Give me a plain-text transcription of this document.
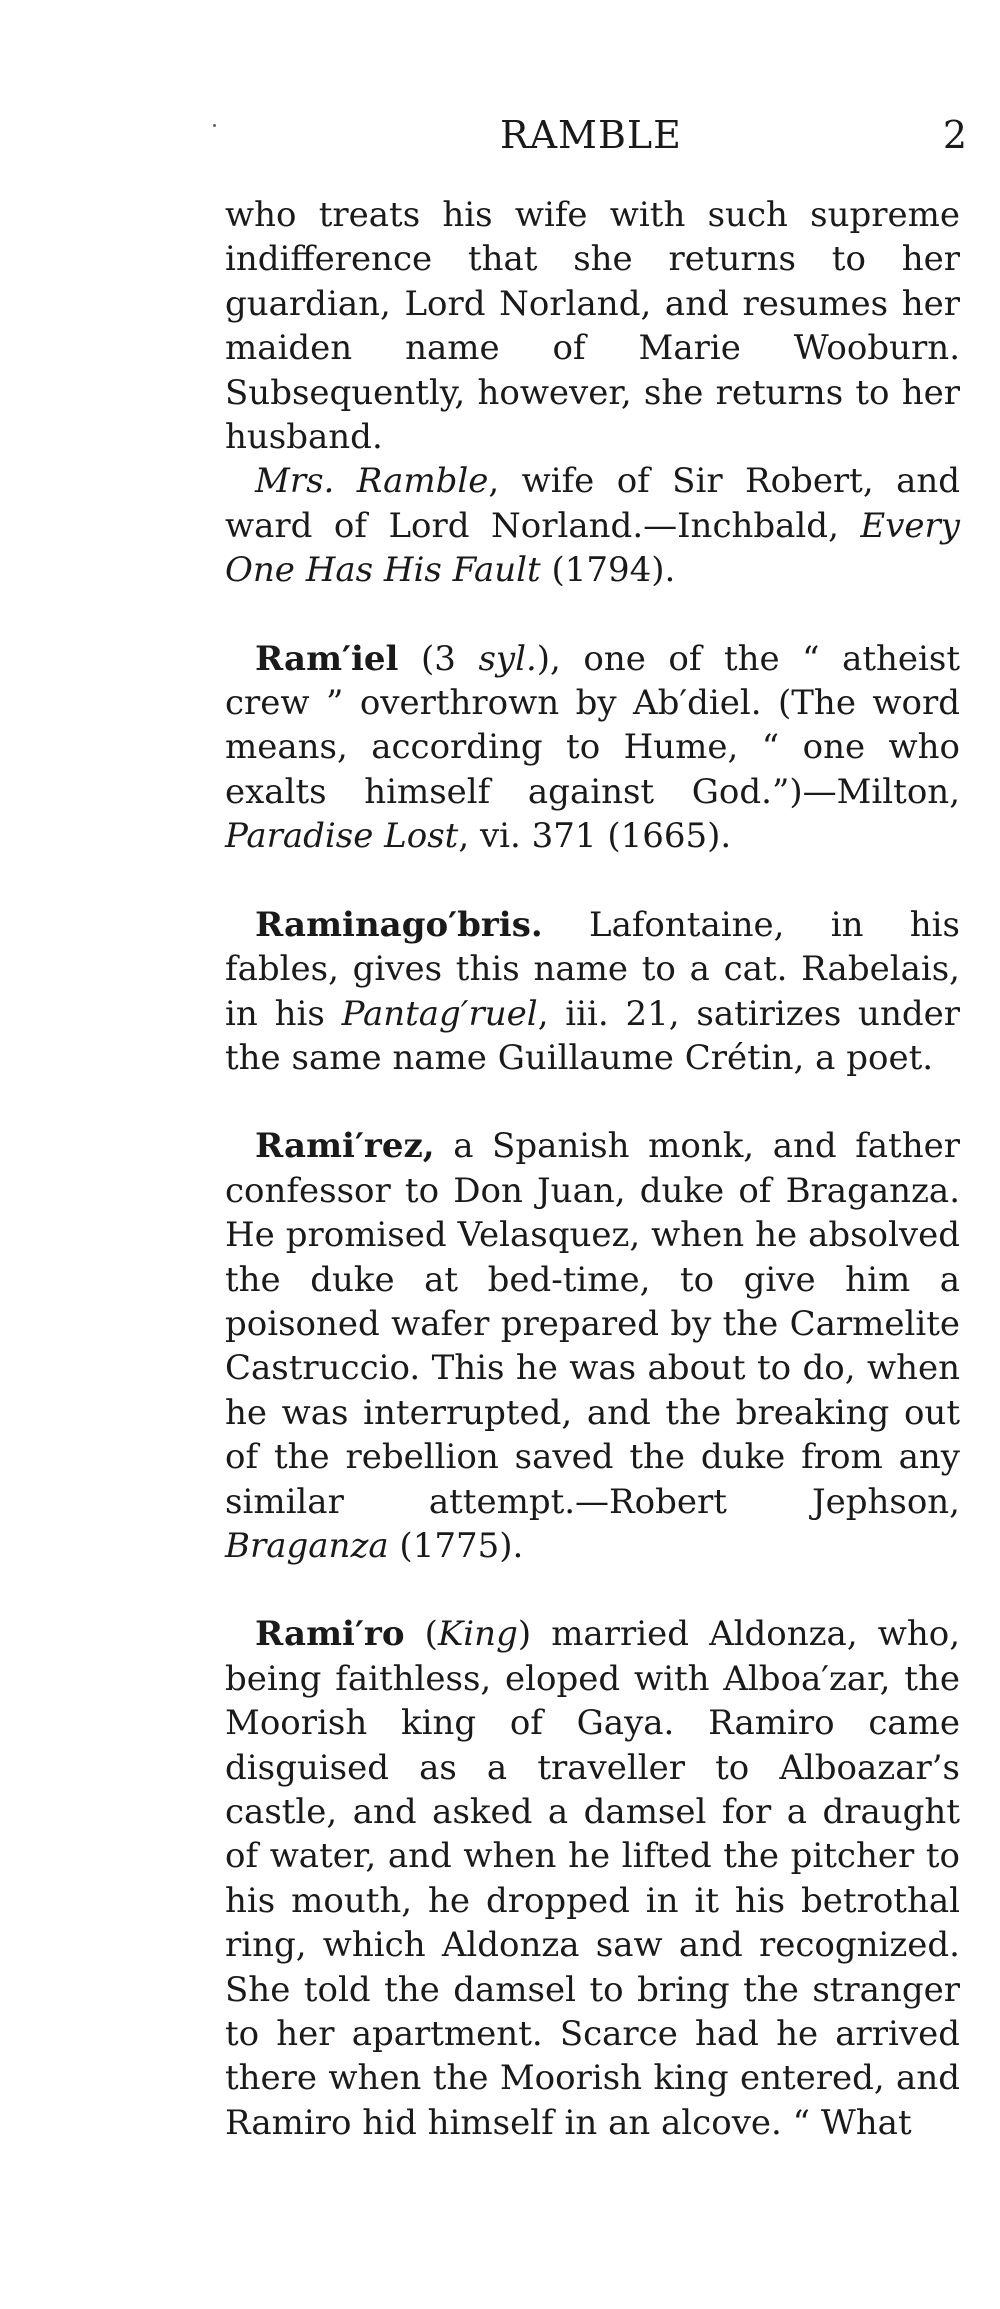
RAMBLE	2

who treats his wife with such supreme indifference that she returns to her guardian, Lord Norland, and resumes her maiden name of Marie Wooburn. Subsequently, however, she returns to her husband.

Mrs. Ramble, wife of Sir Robert, and ward of Lord Norland.—Inchbald, Every One Has His Fault (1794).

Ram′iel (3 syl.), one of the “ atheist crew ” overthrown by Ab′diel. (The word means, according to Hume, “ one who exalts himself against God.”)—Milton, Paradise Lost, vi. 371 (1665).

Raminago′bris. Lafontaine, in his fables, gives this name to a cat. Rabelais, in his Pantag′ruel, iii. 21, satirizes under the same name Guillaume Crétin, a poet.

Rami′rez, a Spanish monk, and father confessor to Don Juan, duke of Braganza. He promised Velasquez, when he absolved the duke at bed-time, to give him a poisoned wafer prepared by the Carmelite Castruccio. This he was about to do, when he was interrupted, and the breaking out of the rebellion saved the duke from any similar attempt.—Robert Jephson, Braganza (1775).

Rami′ro (King) married Aldonza, who, being faithless, eloped with Alboa′zar, the Moorish king of Gaya. Ramiro came disguised as a traveller to Alboazar’s castle, and asked a damsel for a draught of water, and when he lifted the pitcher to his mouth, he dropped in it his betrothal ring, which Aldonza saw and recognized. She told the damsel to bring the stranger to her apartment. Scarce had he arrived there when the Moorish king entered, and Ramiro hid himself in an alcove. “ What
